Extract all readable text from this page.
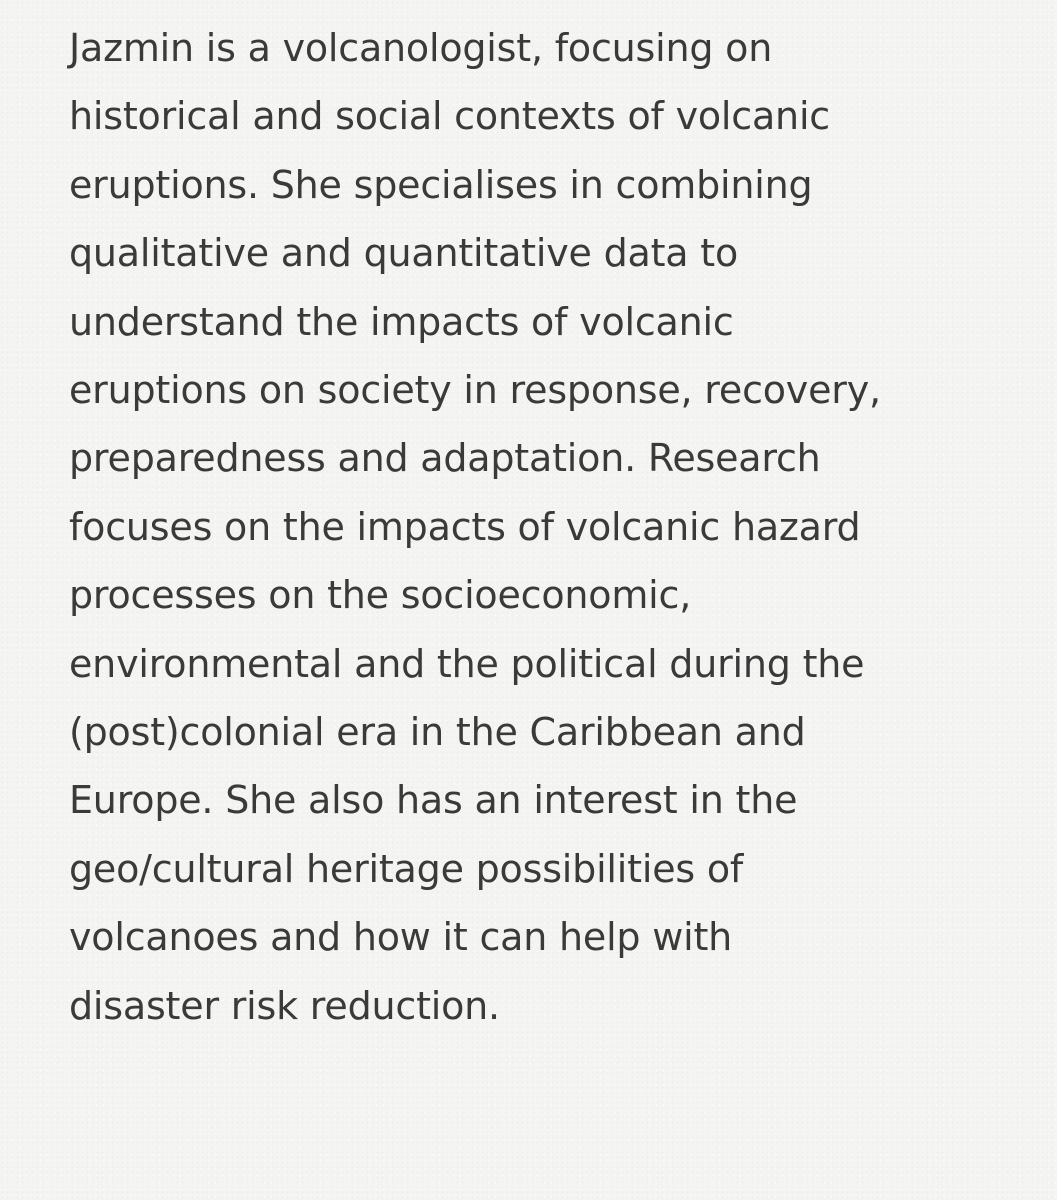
Jazmin is a volcanologist, focusing on
historical and social contexts of volcanic
eruptions. She specialises in combining
qualitative and quantitative data to
understand the impacts of volcanic
eruptions on society in response, recovery,
preparedness and adaptation. Research
focuses on the impacts of volcanic hazard
processes on the socioeconomic,
environmental and the political during the
(post)colonial era in the Caribbean and
Europe. She also has an interest in the
geo/cultural heritage possibilities of
volcanoes and how it can help with
disaster risk reduction.
